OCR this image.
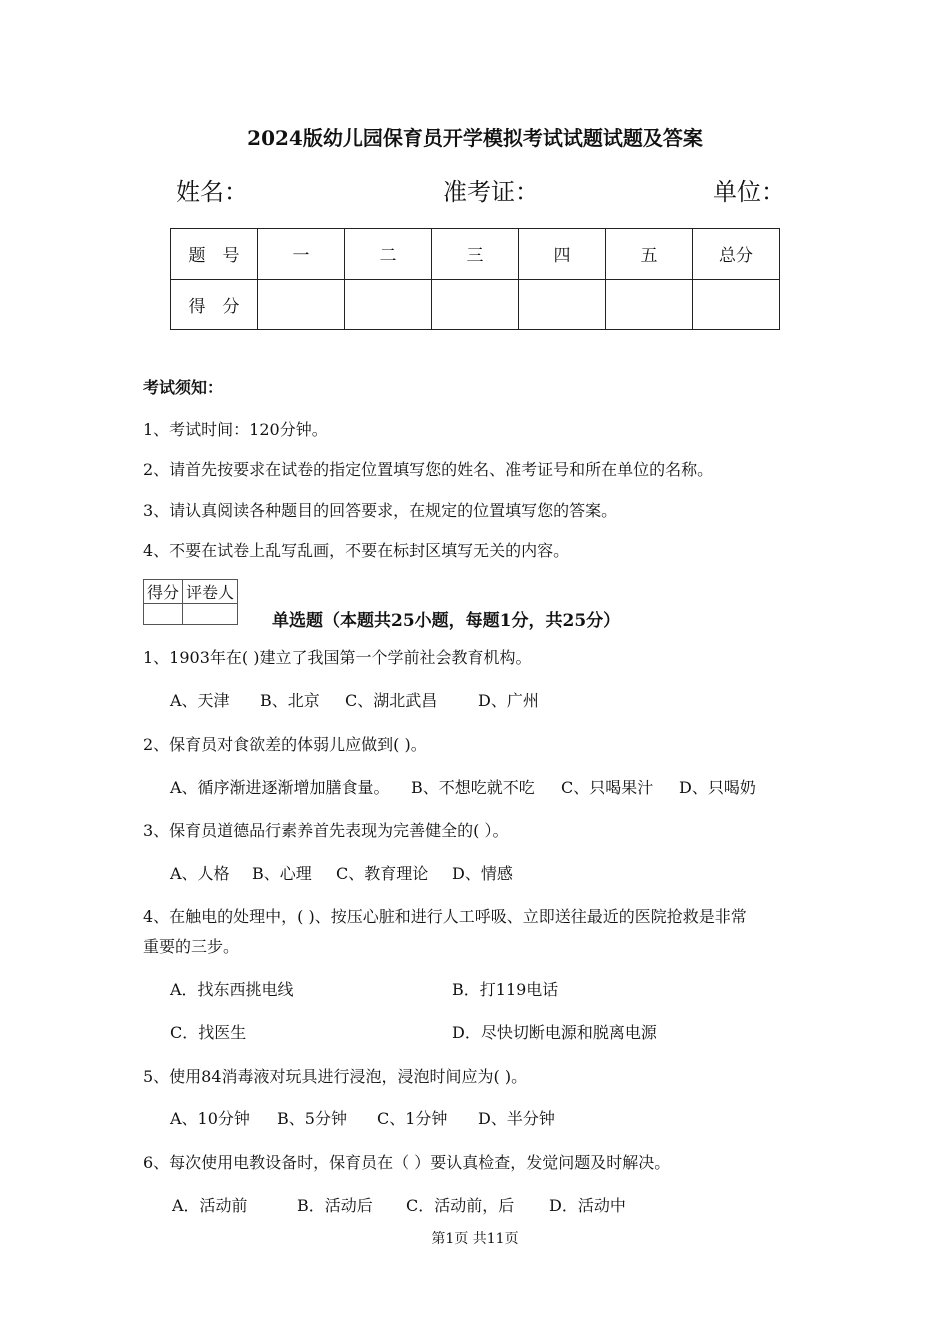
2024版幼儿园保育员开学模拟考试试题试题及答案
姓名：	准考证：	单位：
题　号	一	二	三	四	五	总分
得　分						
考试须知：
1、考试时间：120分钟。
2、请首先按要求在试卷的指定位置填写您的姓名、准考证号和所在单位的名称。
3、请认真阅读各种题目的回答要求，在规定的位置填写您的答案。
4、不要在试卷上乱写乱画，不要在标封区填写无关的内容。
得分	评卷人

单选题（本题共25小题，每题1分，共25分）
1、1903年在( )建立了我国第一个学前社会教育机构。
A、天津 B、北京 C、湖北武昌	D、广州
2、保育员对食欲差的体弱儿应做到( )。
A、循序渐进逐渐增加膳食量。 B、不想吃就不吃 C、只喝果汁 D、只喝奶
3、保育员道德品行素养首先表现为完善健全的( ）。
A、人格 B、心理 C、教育理论 D、情感
4、在触电的处理中，( )、按压心脏和进行人工呼吸、立即送往最近的医院抢救是非常
重要的三步。
A．找东西挑电线	B．打119电话
C．找医生	D．尽快切断电源和脱离电源
5、使用84消毒液对玩具进行浸泡，浸泡时间应为( )。
A、10分钟 B、5分钟 C、1分钟 D、半分钟
6、每次使用电教设备时，保育员在（ ）要认真检查，发觉问题及时解决。
A．活动前	B．活动后 C．活动前，后 D．活动中
第1页 共11页
